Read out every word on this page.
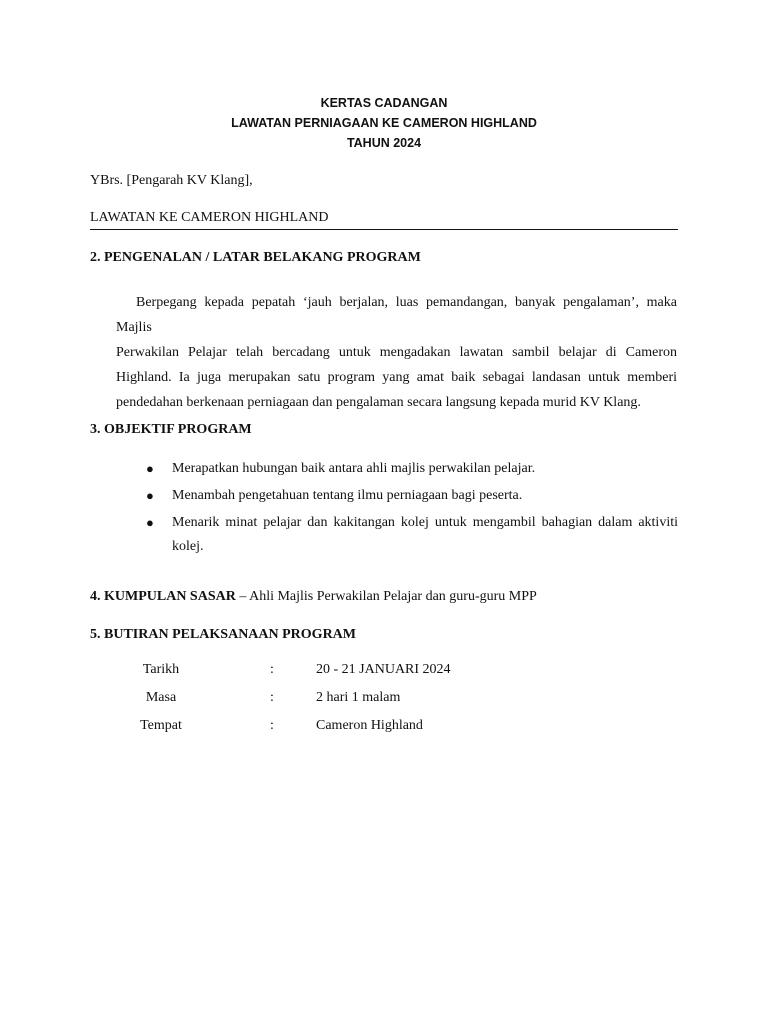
KERTAS CADANGAN
LAWATAN PERNIAGAAN KE CAMERON HIGHLAND
TAHUN 2024
YBrs. [Pengarah KV Klang],
LAWATAN KE CAMERON HIGHLAND
2. PENGENALAN / LATAR BELAKANG PROGRAM
Berpegang kepada pepatah ‘jauh berjalan, luas pemandangan, banyak pengalaman’, maka Majlis
Perwakilan Pelajar telah bercadang untuk mengadakan lawatan sambil belajar di Cameron Highland. Ia juga merupakan satu program yang amat baik sebagai landasan untuk memberi pendedahan berkenaan perniagaan dan pengalaman secara langsung kepada murid KV Klang.
3. OBJEKTIF PROGRAM
● Merapatkan hubungan baik antara ahli majlis perwakilan pelajar.
● Menambah pengetahuan tentang ilmu perniagaan bagi peserta.
● Menarik minat pelajar dan kakitangan kolej untuk mengambil bahagian dalam aktiviti kolej.
4. KUMPULAN SASAR – Ahli Majlis Perwakilan Pelajar dan guru-guru MPP
5. BUTIRAN PELAKSANAAN PROGRAM
Tarikh	:	20 - 21 JANUARI 2024
Masa	:	2 hari 1 malam
Tempat	:	Cameron Highland
